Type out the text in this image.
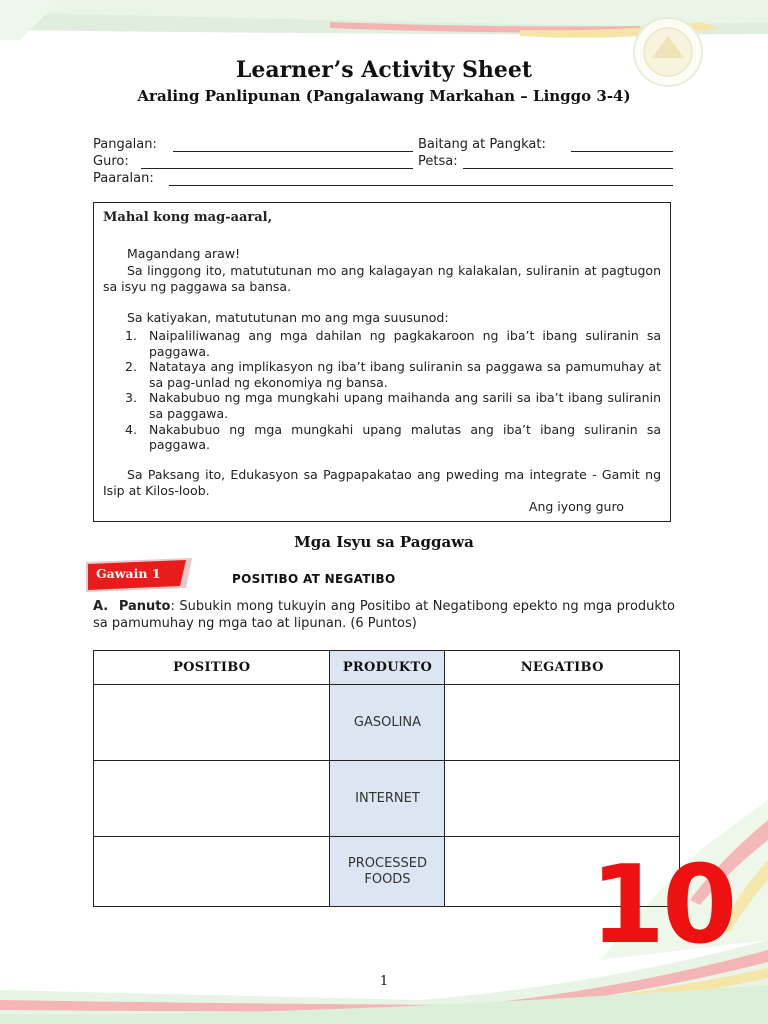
Learner’s Activity Sheet
Araling Panlipunan (Pangalawang Markahan – Linggo 3-4)
Pangalan:	Baitang at Pangkat:
Guro:	Petsa:
Paaralan:
Mahal kong mag-aaral,
Magandang araw!
Sa linggong ito, matututunan mo ang kalagayan ng kalakalan, suliranin at pagtugon sa isyu ng paggawa sa bansa.
Sa katiyakan, matututunan mo ang mga suusunod:
1. Naipaliliwanag ang mga dahilan ng pagkakaroon ng iba’t ibang suliranin sa paggawa.
2. Natataya ang implikasyon ng iba’t ibang suliranin sa paggawa sa pamumuhay at sa pag-unlad ng ekonomiya ng bansa.
3. Nakabubuo ng mga mungkahi upang maihanda ang sarili sa iba’t ibang suliranin sa paggawa.
4. Nakabubuo ng mga mungkahi upang malutas ang iba’t ibang suliranin sa paggawa.
Sa Paksang ito, Edukasyon sa Pagpapakatao ang pweding ma integrate - Gamit ng Isip at Kilos-loob.
Ang iyong guro
Mga Isyu sa Paggawa
Gawain 1	POSITIBO AT NEGATIBO
A. Panuto: Subukin mong tukuyin ang Positibo at Negatibong epekto ng mga produkto sa pamumuhay ng mga tao at lipunan. (6 Puntos)
POSITIBO	PRODUKTO	NEGATIBO
	GASOLINA	
	INTERNET	
	PROCESSED FOODS	10
1
